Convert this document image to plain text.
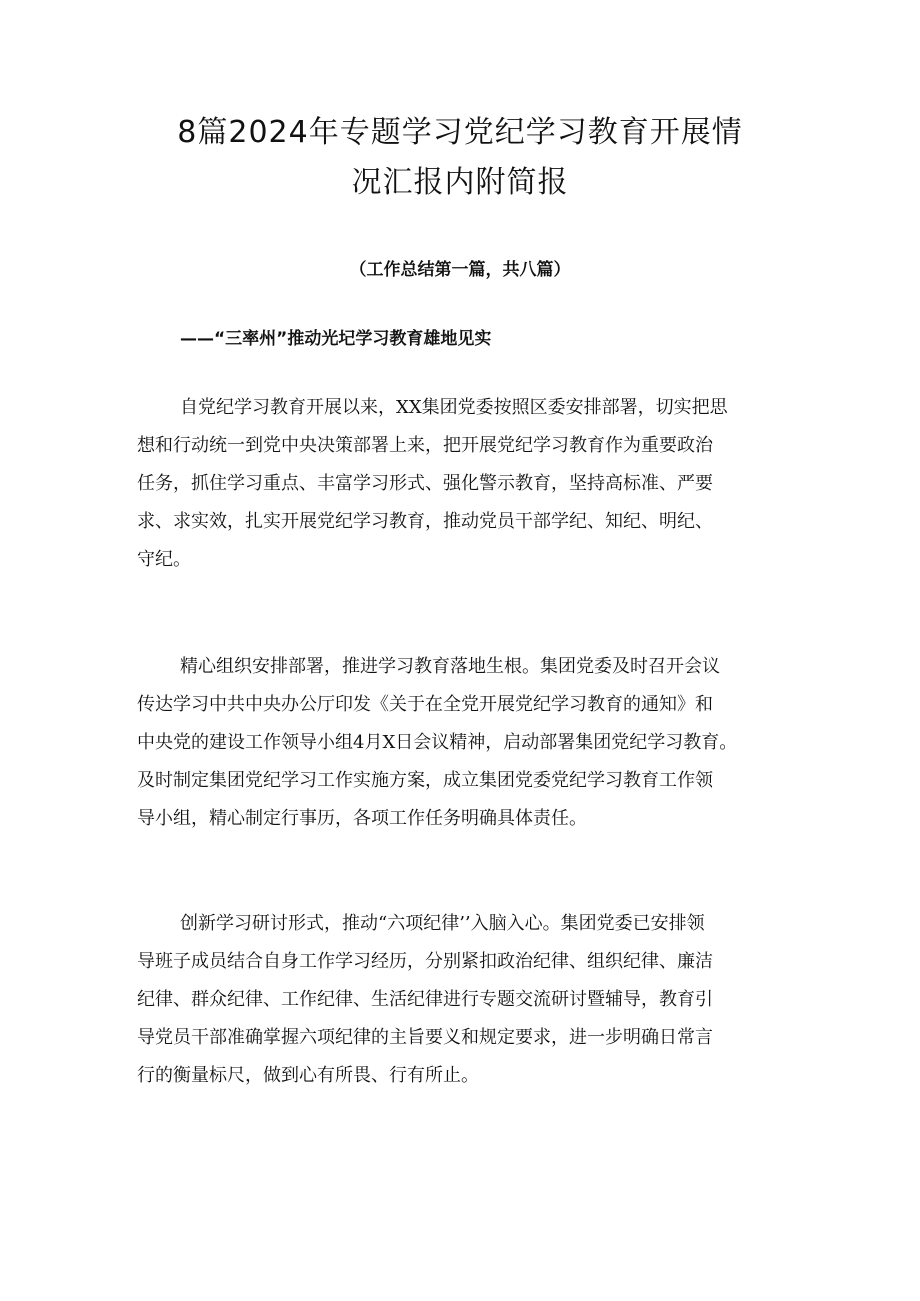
8篇2024年专题学习党纪学习教育开展情
况汇报内附简报
（工作总结第一篇，共八篇）
——“三率州”推动光圮学习教育雄地见实
自党纪学习教育开展以来，XX集团党委按照区委安排部署，切实把思
想和行动统一到党中央决策部署上来，把开展党纪学习教育作为重要政治
任务，抓住学习重点、丰富学习形式、强化警示教育，坚持高标准、严要
求、求实效，扎实开展党纪学习教育，推动党员干部学纪、知纪、明纪、
守纪。
精心组织安排部署，推进学习教育落地生根。集团党委及时召开会议
传达学习中共中央办公厅印发《关于在全党开展党纪学习教育的通知》和
中央党的建设工作领导小组4月X日会议精神，启动部署集团党纪学习教育。
及时制定集团党纪学习工作实施方案，成立集团党委党纪学习教育工作领
导小组，精心制定行事历，各项工作任务明确具体责任。
创新学习研讨形式，推动“六项纪律’’入脑入心。集团党委已安排领
导班子成员结合自身工作学习经历，分别紧扣政治纪律、组织纪律、廉洁
纪律、群众纪律、工作纪律、生活纪律进行专题交流研讨暨辅导，教育引
导党员干部准确掌握六项纪律的主旨要义和规定要求，进一步明确日常言
行的衡量标尺，做到心有所畏、行有所止。
